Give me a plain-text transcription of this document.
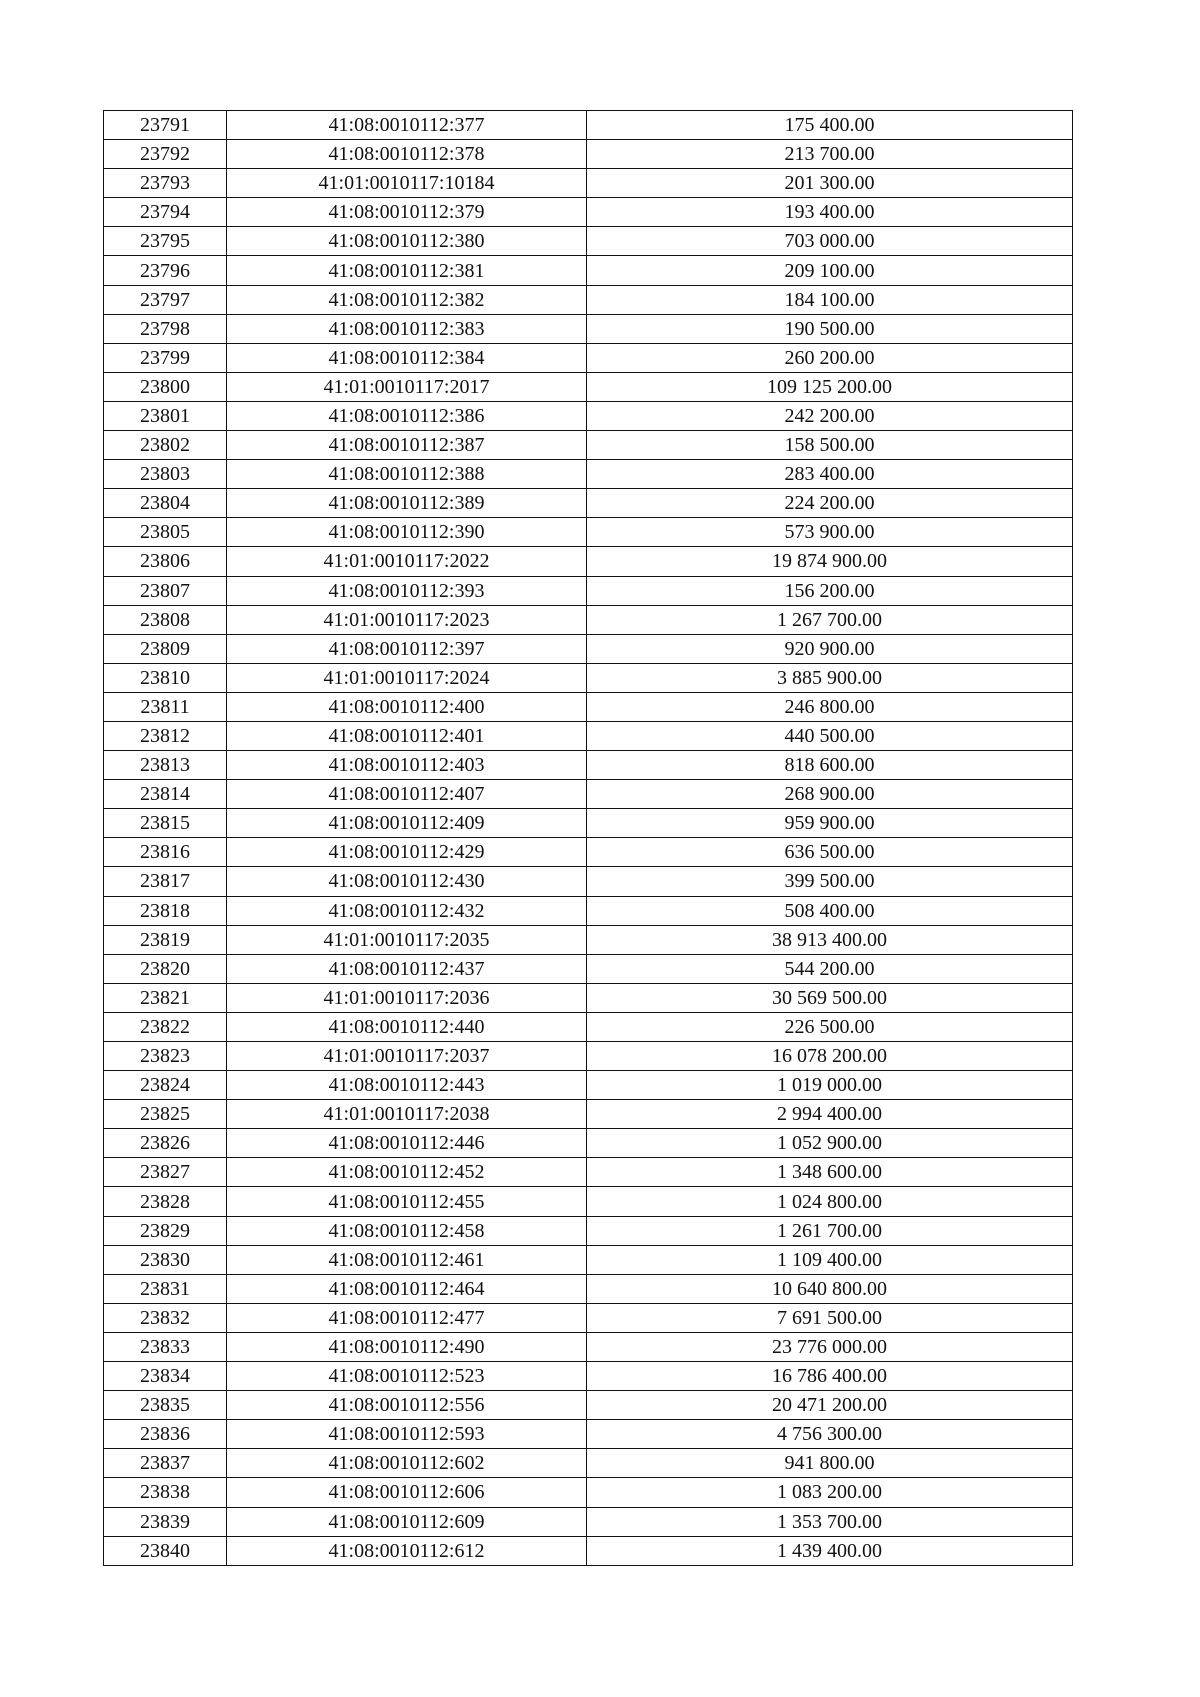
23791	41:08:0010112:377	175 400.00
23792	41:08:0010112:378	213 700.00
23793	41:01:0010117:10184	201 300.00
23794	41:08:0010112:379	193 400.00
23795	41:08:0010112:380	703 000.00
23796	41:08:0010112:381	209 100.00
23797	41:08:0010112:382	184 100.00
23798	41:08:0010112:383	190 500.00
23799	41:08:0010112:384	260 200.00
23800	41:01:0010117:2017	109 125 200.00
23801	41:08:0010112:386	242 200.00
23802	41:08:0010112:387	158 500.00
23803	41:08:0010112:388	283 400.00
23804	41:08:0010112:389	224 200.00
23805	41:08:0010112:390	573 900.00
23806	41:01:0010117:2022	19 874 900.00
23807	41:08:0010112:393	156 200.00
23808	41:01:0010117:2023	1 267 700.00
23809	41:08:0010112:397	920 900.00
23810	41:01:0010117:2024	3 885 900.00
23811	41:08:0010112:400	246 800.00
23812	41:08:0010112:401	440 500.00
23813	41:08:0010112:403	818 600.00
23814	41:08:0010112:407	268 900.00
23815	41:08:0010112:409	959 900.00
23816	41:08:0010112:429	636 500.00
23817	41:08:0010112:430	399 500.00
23818	41:08:0010112:432	508 400.00
23819	41:01:0010117:2035	38 913 400.00
23820	41:08:0010112:437	544 200.00
23821	41:01:0010117:2036	30 569 500.00
23822	41:08:0010112:440	226 500.00
23823	41:01:0010117:2037	16 078 200.00
23824	41:08:0010112:443	1 019 000.00
23825	41:01:0010117:2038	2 994 400.00
23826	41:08:0010112:446	1 052 900.00
23827	41:08:0010112:452	1 348 600.00
23828	41:08:0010112:455	1 024 800.00
23829	41:08:0010112:458	1 261 700.00
23830	41:08:0010112:461	1 109 400.00
23831	41:08:0010112:464	10 640 800.00
23832	41:08:0010112:477	7 691 500.00
23833	41:08:0010112:490	23 776 000.00
23834	41:08:0010112:523	16 786 400.00
23835	41:08:0010112:556	20 471 200.00
23836	41:08:0010112:593	4 756 300.00
23837	41:08:0010112:602	941 800.00
23838	41:08:0010112:606	1 083 200.00
23839	41:08:0010112:609	1 353 700.00
23840	41:08:0010112:612	1 439 400.00
